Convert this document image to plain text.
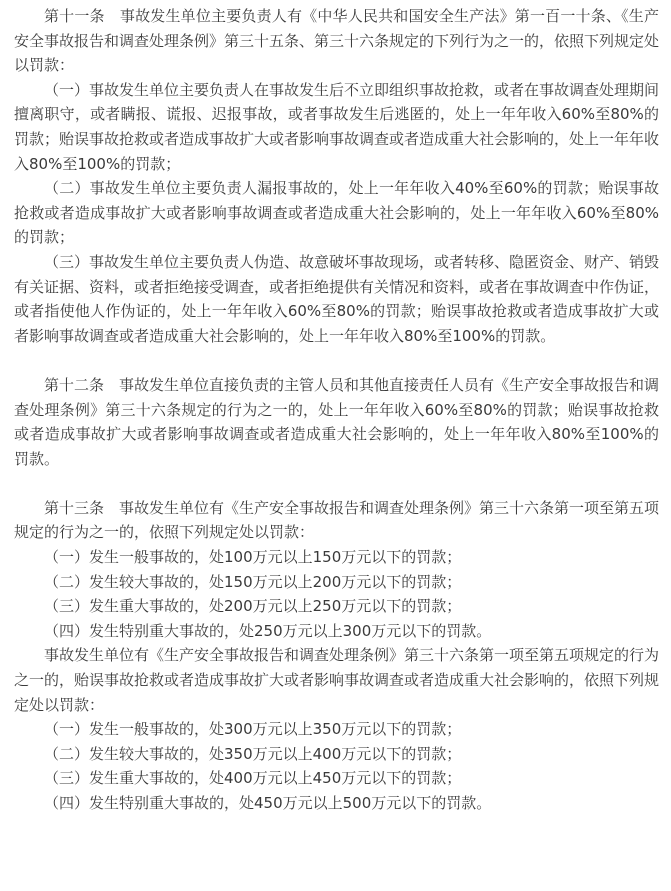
第十一条　事故发生单位主要负责人有《中华人民共和国安全生产法》第一百一十条、《生产安全事故报告和调查处理条例》第三十五条、第三十六条规定的下列行为之一的，依照下列规定处以罚款：

（一）事故发生单位主要负责人在事故发生后不立即组织事故抢救，或者在事故调查处理期间擅离职守，或者瞒报、谎报、迟报事故，或者事故发生后逃匿的，处上一年年收入60%至80%的罚款；贻误事故抢救或者造成事故扩大或者影响事故调查或者造成重大社会影响的，处上一年年收入80%至100%的罚款；

（二）事故发生单位主要负责人漏报事故的，处上一年年收入40%至60%的罚款；贻误事故抢救或者造成事故扩大或者影响事故调查或者造成重大社会影响的，处上一年年收入60%至80%的罚款；

（三）事故发生单位主要负责人伪造、故意破坏事故现场，或者转移、隐匿资金、财产、销毁有关证据、资料，或者拒绝接受调查，或者拒绝提供有关情况和资料，或者在事故调查中作伪证，或者指使他人作伪证的，处上一年年收入60%至80%的罚款；贻误事故抢救或者造成事故扩大或者影响事故调查或者造成重大社会影响的，处上一年年收入80%至100%的罚款。

第十二条　事故发生单位直接负责的主管人员和其他直接责任人员有《生产安全事故报告和调查处理条例》第三十六条规定的行为之一的，处上一年年收入60%至80%的罚款；贻误事故抢救或者造成事故扩大或者影响事故调查或者造成重大社会影响的，处上一年年收入80%至100%的罚款。

第十三条　事故发生单位有《生产安全事故报告和调查处理条例》第三十六条第一项至第五项规定的行为之一的，依照下列规定处以罚款：

（一）发生一般事故的，处100万元以上150万元以下的罚款；

（二）发生较大事故的，处150万元以上200万元以下的罚款；

（三）发生重大事故的，处200万元以上250万元以下的罚款；

（四）发生特别重大事故的，处250万元以上300万元以下的罚款。

事故发生单位有《生产安全事故报告和调查处理条例》第三十六条第一项至第五项规定的行为之一的，贻误事故抢救或者造成事故扩大或者影响事故调查或者造成重大社会影响的，依照下列规定处以罚款：

（一）发生一般事故的，处300万元以上350万元以下的罚款；

（二）发生较大事故的，处350万元以上400万元以下的罚款；

（三）发生重大事故的，处400万元以上450万元以下的罚款；

（四）发生特别重大事故的，处450万元以上500万元以下的罚款。
